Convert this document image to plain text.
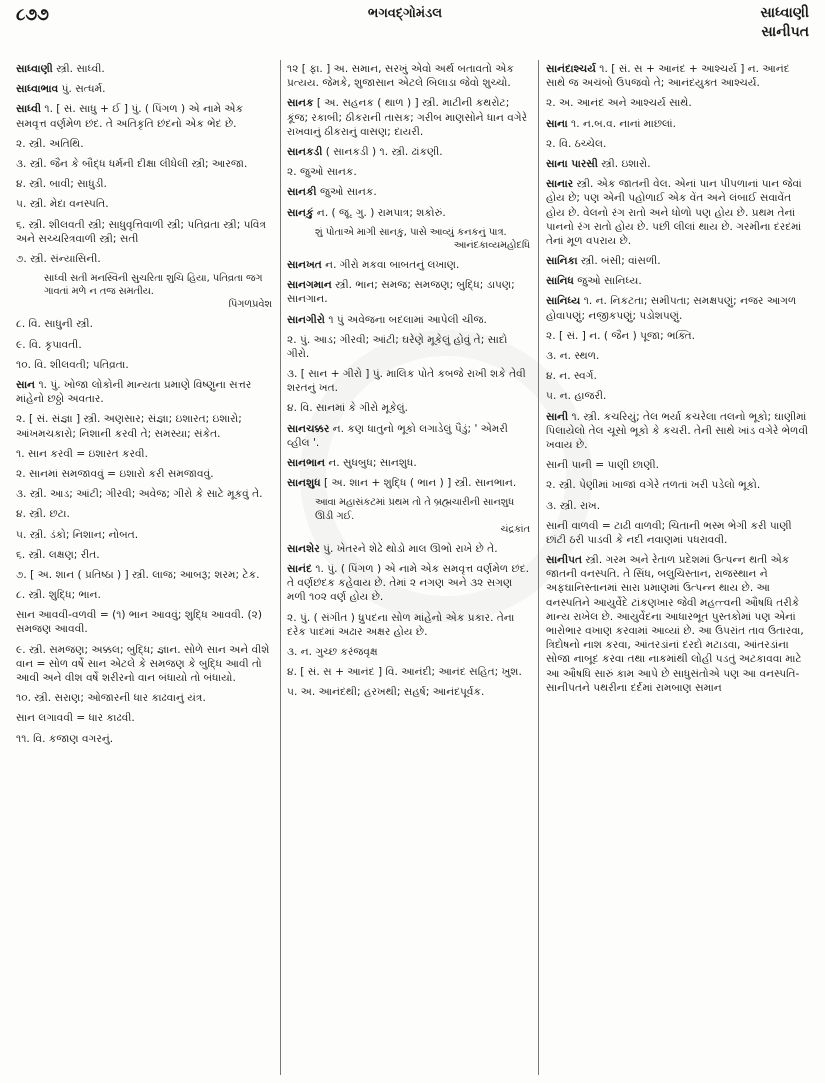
૮૭૭	ભગવદ્ગોમંડલ	સાધ્વાણી
સાનીપત

સાધ્વાણી સ્ત્રી. સાધ્વી.

સાધ્વાભાવ પું. સત્ધર્મ.

સાધ્વી ૧. [ સં. સાધુ + ઈ ] પું. ( પિંગળ ) એ નામે એક સમવૃત્ત વર્ણમેળ છંદ. તે અતિકૃતિ છંદનો એક ભેદ છે.

૨. સ્ત્રી. અતિથિ.

૩. સ્ત્રી. જૈન કે બૌદ્ધ ધર્મની દીક્ષા લીધેલી સ્ત્રી; આરજા.

૪. સ્ત્રી. બાવી; સાધુડી.

૫. સ્ત્રી. મેદા વનસ્પતિ.

૬. સ્ત્રી. શીલવતી સ્ત્રી; સાધુવૃત્તિવાળી સ્ત્રી; પતિવ્રતા સ્ત્રી; પવિત્ર અને સચ્ચરિત્રવાળી સ્ત્રી; સતી

૭. સ્ત્રી. સંન્યાસિની.

સાધ્વી સતી મનસ્વિની સુચરિતા શુચિ હિયા, પતિવ્રતા જગ ગાવતાં મળે ન તજ સમતીય.
પિંગળપ્રવેશ

૮. વિ. સાધુની સ્ત્રી.

૯. વિ. કૃપાવતી.

૧૦. વિ. શીલવતી; પતિવ્રતા.

સાન ૧. પું. ખોજા લોકોની માન્યતા પ્રમાણે વિષ્ણુના સત્તર માંહેનો છઠ્ઠો અવતાર.

૨. [ સં. સંજ્ઞા ] સ્ત્રી. અણસાર; સંજ્ઞા; ઇશારત; ઇશારો; આંખમચકારો; નિશાની કરવી તે; સમસ્યા; સંકેત.

૧. સાન કરવી = ઇશારત કરવી.

૨. સાનમાં સમજાવવું = ઇશારો કરી સમજાવવું.

૩. સ્ત્રી. આડ; આંટી; ગીરવી; અવેજ; ગીરો કે સાટે મૂકવું તે.

૪. સ્ત્રી. છટા.

૫. સ્ત્રી. ડંકો; નિશાન; નોબત.

૬. સ્ત્રી. લક્ષણ; રીત.

૭. [ અ. શાન ( પ્રતિષ્ઠા ) ] સ્ત્રી. લાજ; આબરૂ; શરમ; ટેક.

૮. સ્ત્રી. શુદ્ધિ; ભાન.

સાન આવવી-વળવી = (૧) ભાન આવવું; શુદ્ધિ આવવી. (૨) સમજણ આવવી.

૯. સ્ત્રી. સમજણ; અક્કલ; બુદ્ધિ; જ્ઞાન. સોળે સાન અને વીશે વાન = સોળ વર્ષે સાન એટલે કે સમજણ કે બુદ્ધિ આવી તો આવી અને વીશ વર્ષે શરીરનો વાન બંધાયો તો બંધાયો.

૧૦. સ્ત્રી. સરાણ; ઓજારની ધાર કાઢવાનું યંત્ર.

સાન લગાવવી = ધાર કાઢવી.

૧૧. વિ. કજાણ વગરનું.

૧૨ [ ફા. ] અ. સમાન, સરખું એવો અર્થ બતાવતો એક પ્રત્યય. જેમકે, શુજાસાન એટલે બિલાડા જેવો શુચ્ચો.

સાનક [ અ. સહનક ( થાળ ) ] સ્ત્રી. માટીની કથરોટ; કૂંજ; રકાબી; ઠીકરાની તાસક; ગરીબ માણસોને ધાન વગેરે રાખવાનું ઠીકરાનું વાસણ; દાયરી.

સાનકડી ( સાનકડી ) ૧. સ્ત્રી. ઢાંકણી.

૨. જુઓ સાનક.

સાનકી જુઓ સાનક.

સાનકું ન. ( જૂ. ગુ. ) રામપાત્ર; શકોરું.

શું પોતાએ માગી સાનકુ, પાસે આવ્યું કનકનું પાત્ર.
આનંદકાવ્યમહોદધિ

સાનખત ન. ગીરો મકવા બાબતનું લખાણ.

સાનગમાન સ્ત્રી. ભાન; સમજ; સમજણ; બુદ્ધિ; ડાપણ; સાનગાન.

સાનગીરો ૧ પું અવેજના બદલામાં આપેલી ચીજ.

૨. પું. આડ; ગીરવી; આંટી; ઘરેણે મૂકેલું હોવું તે; સાદો ગીરો.

૩. [ સાન + ગીરો ] પું. માલિક પોતે કબજે રાખી શકે તેવી શરતનું ખત.

૪. વિ. સાનમાં કે ગીરો મૂકેલું.

સાનચક્કર ન. કણ ધાતુનો ભૂકો લગાડેલું પૈડું; ' એમરી વ્હીલ '.

સાનભાન ન. સુધબુધ; સાનશુધ.

સાનશુધ [ અ. શાન + શુદ્ધિ ( ભાન ) ] સ્ત્રી. સાનભાન.

આવા મહાસંકટમાં પ્રથમ તો તે બ્રહ્મચારીની સાનશુધ ઊડી ગઈ.
ચંદ્રકાંત

સાનશેર પું. ખેતરને શેઢે થોડો માલ ઊભો રાખે છે તે.

સાનંદ ૧. પું. ( પિંગળ ) એ નામે એક સમવૃત્ત વર્ણમેળ છંદ. તે વર્ણછંદક કહેવાય છે. તેમાં ૨ નગણ અને ૩૨ સગણ મળી ૧૦૨ વર્ણ હોય છે.

૨. પું. ( સંગીત ) ધ્રુપદના સોળ માંહેનો એક પ્રકાર. તેના દરેક પાદમાં અઢાર અક્ષર હોય છે.

૩. ન. ગુચ્છ કરંજવૃક્ષ

૪. [ સં. સ + આનંદ ] વિ. આનંદી; આનંદ સહિત; ખુશ.

૫. અ. આનંદથી; હરખથી; સહર્ષ; આનંદપૂર્વક.

સાનંદાશ્ચર્ય ૧. [ સં. સ + આનંદ + આશ્ચર્ય ] ન. આનંદ સાથે જ અચંબો ઉપજવો તે; આનંદયુક્ત આશ્ચર્ય.

૨. અ. આનંદ અને આશ્ચર્ય સાથે.

સાના ૧. ન.બ.વ. નાનાં માછલાં.

૨. વિ. ઠચ્ચેલ.

સાના પારસી સ્ત્રી. ઇશારો.

સાનાર સ્ત્રી. એક જાતની વેલ. એનાં પાન પીપળાનાં પાન જેવાં હોય છે; પણ એની પહોળાઈ એક વેંત અને લંબાઈ સવાવેંત હોય છે. વેલનો રંગ રાતો અને ધોળો પણ હોય છે. પ્રથમ તેનાં પાનનો રંગ રાતો હોય છે. પછી લીલાં થાય છે. ગરમીના દરદમાં તેનાં મૂળ વપરાય છે.

સાનિકા સ્ત્રી. બંસી; વાંસળી.

સાનિધ જુઓ સાનિધ્ય.

સાનિધ્ય ૧. ન. નિકટતા; સમીપતા; સમક્ષપણું; નજર આગળ હોવાપણું; નજીકપણું; પડોશપણું.

૨. [ સં. ] ન. ( જૈન ) પૂજા; ભક્તિ.

૩. ન. સ્થળ.

૪. ન. સ્વર્ગ.

૫. ન. હાજરી.

સાની ૧. સ્ત્રી. કચરિયું; તેલ ભર્યા કચરેલા તલનો ભૂકો; ઘાણીમાં પિલાયેલો તેલ ચૂસો ભૂકો કે કચરી. તેની સાથે ખાંડ વગેરે ભેળવી ખવાય છે.

સાની પાની = પાણી છાણી.

૨. સ્ત્રી. પેણીમાં ખાજાં વગેરે તળતાં ખરી પડેલો ભૂકો.

૩. સ્ત્રી. રાખ.

સાની વાળવી = ટાઢી વાળવી; ચિતાની ભસ્મ ભેગી કરી પાણી છાંટી ઠરી પાડવી કે નદી નવાણમાં પધરાવવી.

સાનીપત સ્ત્રી. ગરમ અને રેતાળ પ્રદેશમાં ઉત્પન્ન થતી એક જાતની વનસ્પતિ. તે સિંધ, બલુચિસ્તાન, રાજસ્થાન ને અફઘાનિસ્તાનમાં સારા પ્રમાણમાં ઉત્પન્ન થાય છે. આ વનસ્પતિને આયુર્વેદે ટાંકણખાર જેવી મહત્ત્વની ઔષધિ તરીકે માન્ય રાખેલ છે. આયુર્વેદના આધારભૂત પુસ્તકોમાં પણ એનાં ભારોભાર વખાણ કરવામાં આવ્યાં છે. આ ઉપરાંત તાવ ઉતારવા, ત્રિદોષનો નાશ કરવા, આંતરડાંનાં દરદો મટાડવા, આંતરડાંના સોજા નાબૂદ કરવા તથા નાકમાંથી લોહી પડતું અટકાવવા માટે આ ઔષધિ સારું કામ આપે છે સાધુસંતોએ પણ આ વનસ્પતિ-સાનીપતને પથરીના દર્દમાં રામબાણ સમાન
